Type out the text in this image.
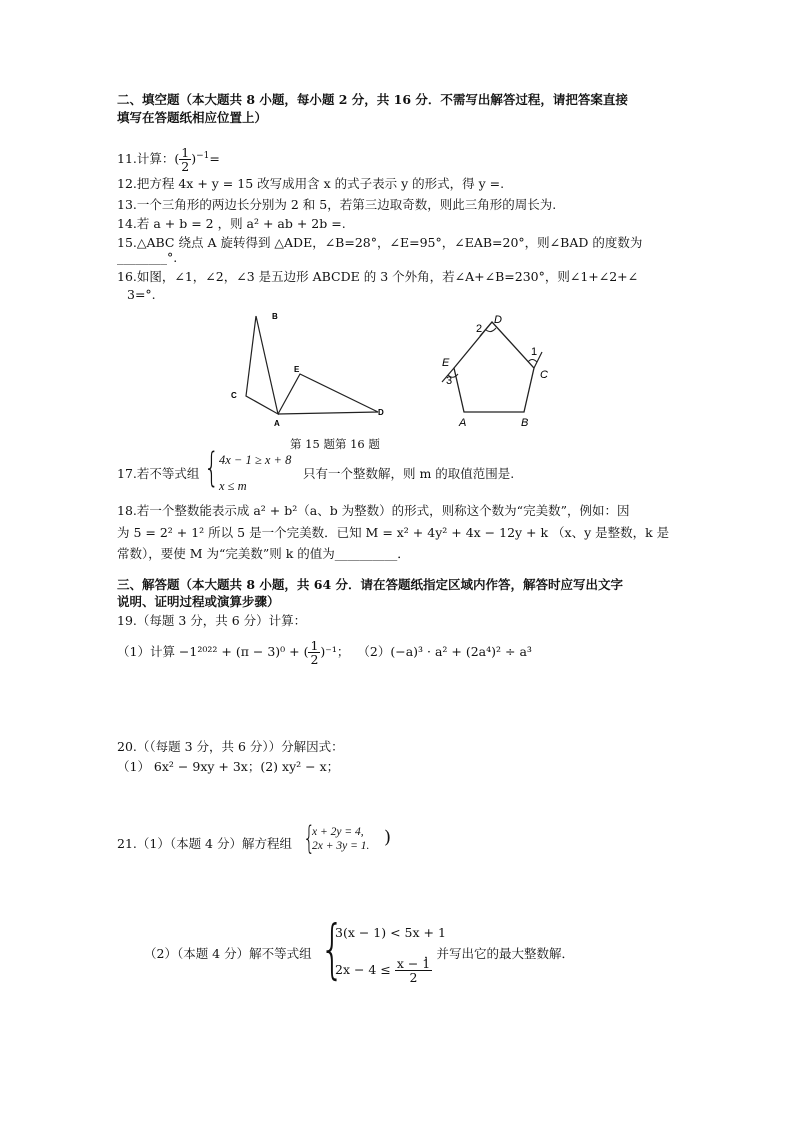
二、填空题（本大题共 8 小题，每小题 2 分，共 16 分．不需写出解答过程，请把答案直接
填写在答题纸相应位置上）
11.计算：( $\frac{1}{2} )^{-1}=$
12.把方程 4x + y = 15 改写成用含 x 的式子表示 y 的形式，得 y =.
13.一个三角形的两边长分别为 2 和 5，若第三边取奇数，则此三角形的周长为.
14.若 a + b = 2 ，则 a² + ab + 2b =.
15.△ABC 绕点 A 旋转得到 △ADE，∠B=28°，∠E=95°，∠EAB=20°，则∠BAD 的度数为
________°.
16.如图，∠1，∠2，∠3 是五边形 ABCDE 的 3 个外角，若∠A+∠B=230°，则∠1+∠2+∠
3=°.
B
C
E
A
D
D
2
1
C
E
3
A	B
第 15 题第 16 题
17.若不等式组 { 4x − 1 ≥ x + 8
x ≤ m
只有一个整数解，则 m 的取值范围是.
18.若一个整数能表示成 a² + b²（a、b 为整数）的形式，则称这个数为“完美数”，例如：因
为 5 = 2² + 1² 所以 5 是一个完美数．已知 M = x² + 4y² + 4x − 12y + k （x、y 是整数，k 是
常数），要使 M 为“完美数”则 k 的值为__________．
三、解答题（本大题共 8 小题，共 64 分．请在答题纸指定区域内作答，解答时应写出文字
说明、证明过程或演算步骤）
19.（每题 3 分，共 6 分）计算：
（1）计算 −1²⁰²² + (π − 3)⁰ + ( $\frac{1}{2} )^{-1}$； （2）(−a)³ · a² + (2a⁴)² ÷ a³
20.（（每题 3 分，共 6 分））分解因式：
（1） 6x² − 9xy + 3x；(2) xy² − x；
21.（1）（本题 4 分）解方程组 {
x + 2y = 4,
2x + 3y = 1. )
（2）（本题 4 分）解不等式组 {
3(x − 1) < 5x + 1
$2x - 4 \le \frac{x - 1}{2}$
，并写出它的最大整数解．
